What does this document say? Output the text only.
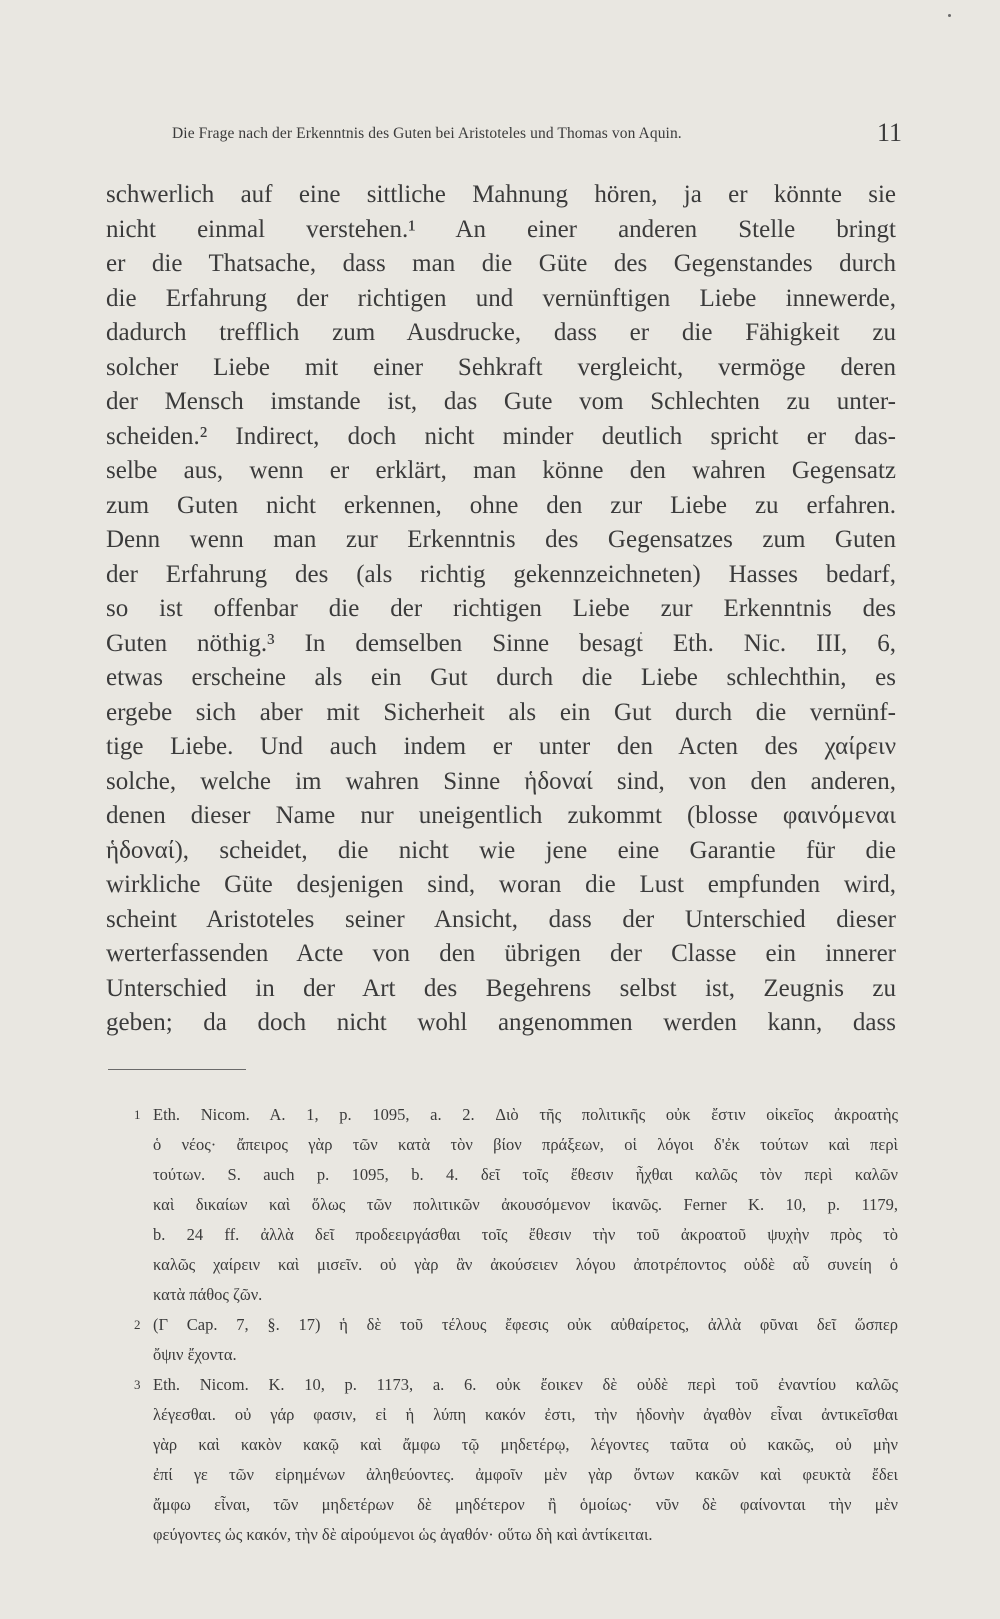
Die Frage nach der Erkenntnis des Guten bei Aristoteles und Thomas von Aquin.	11
schwerlich auf eine sittliche Mahnung hören, ja er könnte sie
nicht einmal verstehen.¹ An einer anderen Stelle bringt
er die Thatsache, dass man die Güte des Gegenstandes durch
die Erfahrung der richtigen und vernünftigen Liebe innewerde,
dadurch trefflich zum Ausdrucke, dass er die Fähigkeit zu
solcher Liebe mit einer Sehkraft vergleicht, vermöge deren
der Mensch imstande ist, das Gute vom Schlechten zu unter-
scheiden.² Indirect, doch nicht minder deutlich spricht er das-
selbe aus, wenn er erklärt, man könne den wahren Gegensatz
zum Guten nicht erkennen, ohne den zur Liebe zu erfahren.
Denn wenn man zur Erkenntnis des Gegensatzes zum Guten
der Erfahrung des (als richtig gekennzeichneten) Hasses bedarf,
so ist offenbar die der richtigen Liebe zur Erkenntnis des
Guten nöthig.³ In demselben Sinne besagt Eth. Nic. III, 6,
etwas erscheine als ein Gut durch die Liebe schlechthin, es
ergebe sich aber mit Sicherheit als ein Gut durch die vernünf-
tige Liebe. Und auch indem er unter den Acten des χαίρειν
solche, welche im wahren Sinne ἡδοναί sind, von den anderen,
denen dieser Name nur uneigentlich zukommt (blosse φαινόμεναι
ἡδοναί), scheidet, die nicht wie jene eine Garantie für die
wirkliche Güte desjenigen sind, woran die Lust empfunden wird,
scheint Aristoteles seiner Ansicht, dass der Unterschied dieser
werterfassenden Acte von den übrigen der Classe ein innerer
Unterschied in der Art des Begehrens selbst ist, Zeugnis zu
geben; da doch nicht wohl angenommen werden kann, dass
1 Eth. Nicom. A. 1, p. 1095, a. 2. Διὸ τῆς πολιτικῆς οὐκ ἔστιν οἰκεῖος ἀκροατὴς
ὁ νέος· ἄπειρος γὰρ τῶν κατὰ τὸν βίον πράξεων, οἱ λόγοι δ'ἐκ τούτων καὶ περὶ
τούτων. S. auch p. 1095, b. 4. δεῖ τοῖς ἔθεσιν ἦχθαι καλῶς τὸν περὶ καλῶν
καὶ δικαίων καὶ ὅλως τῶν πολιτικῶν ἀκουσόμενον ἱκανῶς. Ferner K. 10, p. 1179,
b. 24 ff. ἀλλὰ δεῖ προδεειργάσθαι τοῖς ἔθεσιν τὴν τοῦ ἀκροατοῦ ψυχὴν πρὸς τὸ
καλῶς χαίρειν καὶ μισεῖν. οὐ γὰρ ἂν ἀκούσειεν λόγου ἀποτρέποντος οὐδὲ αὖ συνείη ὁ
κατὰ πάθος ζῶν.
2 (Γ Cap. 7, §. 17) ἡ δὲ τοῦ τέλους ἔφεσις οὐκ αὐθαίρετος, ἀλλὰ φῦναι δεῖ ὥσπερ
ὄψιν ἔχοντα.
3 Eth. Nicom. K. 10, p. 1173, a. 6. οὐκ ἔοικεν δὲ οὐδὲ περὶ τοῦ ἐναντίου καλῶς
λέγεσθαι. οὐ γάρ φασιν, εἰ ἡ λύπη κακόν ἐστι, τὴν ἡδονὴν ἀγαθὸν εἶναι ἀντικεῖσθαι
γὰρ καὶ κακὸν κακῷ καὶ ἄμφω τῷ μηδετέρῳ, λέγοντες ταῦτα οὐ κακῶς, οὐ μὴν
ἐπί γε τῶν εἰρημένων ἀληθεύοντες. ἀμφοῖν μὲν γὰρ ὄντων κακῶν καὶ φευκτὰ ἔδει
ἄμφω εἶναι, τῶν μηδετέρων δὲ μηδέτερον ἢ ὁμοίως· νῦν δὲ φαίνονται τὴν μὲν
φεύγοντες ὡς κακόν, τὴν δὲ αἱρούμενοι ὡς ἀγαθόν· οὕτω δὴ καὶ ἀντίκειται.
